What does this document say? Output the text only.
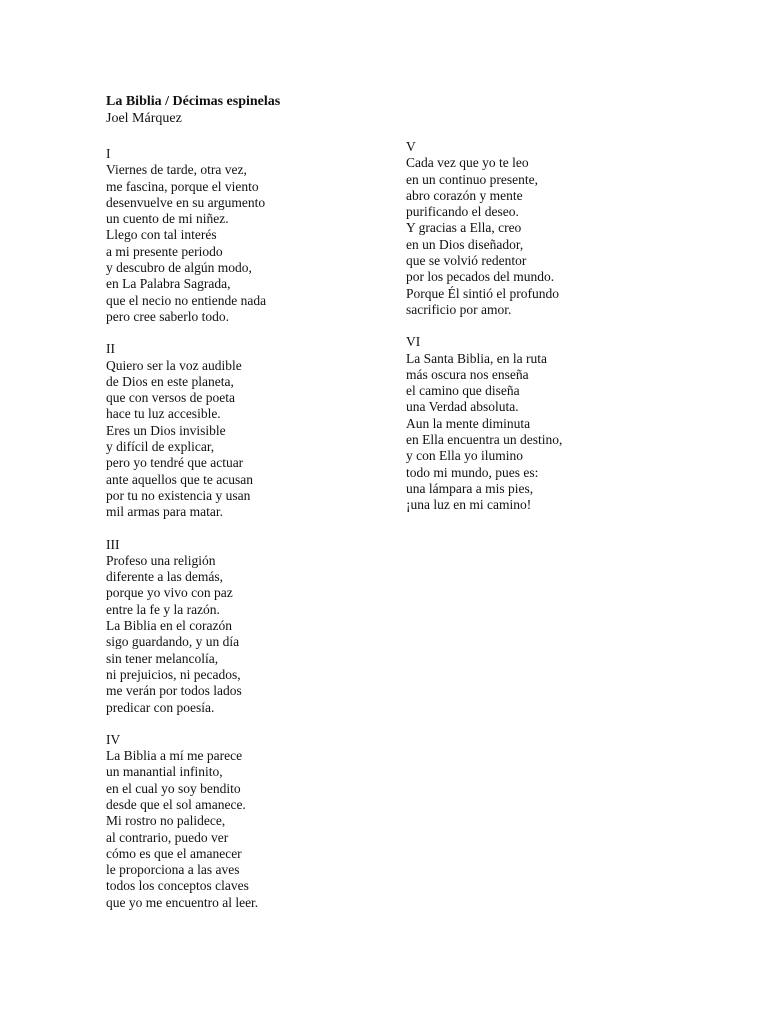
La Biblia / Décimas espinelas
Joel Márquez
I
Viernes de tarde, otra vez,
me fascina, porque el viento
desenvuelve en su argumento
un cuento de mi niñez.
Llego con tal interés
a mi presente periodo
y descubro de algún modo,
en La Palabra Sagrada,
que el necio no entiende nada
pero cree saberlo todo.
II
Quiero ser la voz audible
de Dios en este planeta,
que con versos de poeta
hace tu luz accesible.
Eres un Dios invisible
y difícil de explicar,
pero yo tendré que actuar
ante aquellos que te acusan
por tu no existencia y usan
mil armas para matar.
III
Profeso una religión
diferente a las demás,
porque yo vivo con paz
entre la fe y la razón.
La Biblia en el corazón
sigo guardando, y un día
sin tener melancolía,
ni prejuicios, ni pecados,
me verán por todos lados
predicar con poesía.
IV
La Biblia a mí me parece
un manantial infinito,
en el cual yo soy bendito
desde que el sol amanece.
Mi rostro no palidece,
al contrario, puedo ver
cómo es que el amanecer
le proporciona a las aves
todos los conceptos claves
que yo me encuentro al leer.
V
Cada vez que yo te leo
en un continuo presente,
abro corazón y mente
purificando el deseo.
Y gracias a Ella, creo
en un Dios diseñador,
que se volvió redentor
por los pecados del mundo.
Porque Él sintió el profundo
sacrificio por amor.
VI
La Santa Biblia, en la ruta
más oscura nos enseña
el camino que diseña
una Verdad absoluta.
Aun la mente diminuta
en Ella encuentra un destino,
y con Ella yo ilumino
todo mi mundo, pues es:
una lámpara a mis pies,
¡una luz en mi camino!
